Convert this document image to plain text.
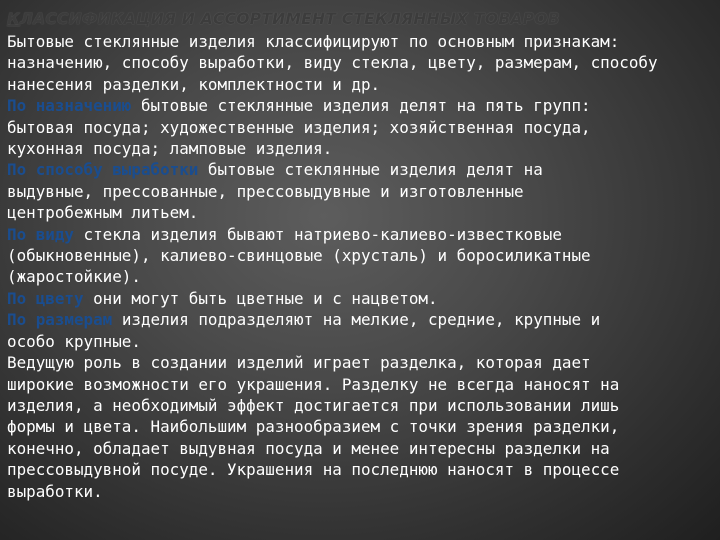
КЛАССИФИКАЦИЯ И АССОРТИМЕНТ СТЕКЛЯННЫХ ТОВАРОВ
Бытовые стеклянные изделия классифицируют по основным признакам:
назначению, способу выработки, виду стекла, цвету, размерам, способу
нанесения разделки, комплектности и др.
По назначению бытовые стеклянные изделия делят на пять групп:
бытовая посуда; художественные изделия; хозяйственная посуда,
кухонная посуда; ламповые изделия.
По способу выработки бытовые стеклянные изделия делят на
выдувные, прессованные, прессовыдувные и изготовленные
центробежным литьем.
По виду стекла изделия бывают натриево-калиево-известковые
(обыкновенные), калиево-свинцовые (хрусталь) и боросиликатные
(жаростойкие).
По цвету они могут быть цветные и с нацветом.
По размерам изделия подразделяют на мелкие, средние, крупные и
особо крупные.
Ведущую роль в создании изделий играет разделка, которая дает
широкие возможности его украшения. Разделку не всегда наносят на
изделия, а необходимый эффект достигается при использовании лишь
формы и цвета. Наибольшим разнообразием с точки зрения разделки,
конечно, обладает выдувная посуда и менее интересны разделки на
прессовыдувной посуде. Украшения на последнюю наносят в процессе
выработки.
